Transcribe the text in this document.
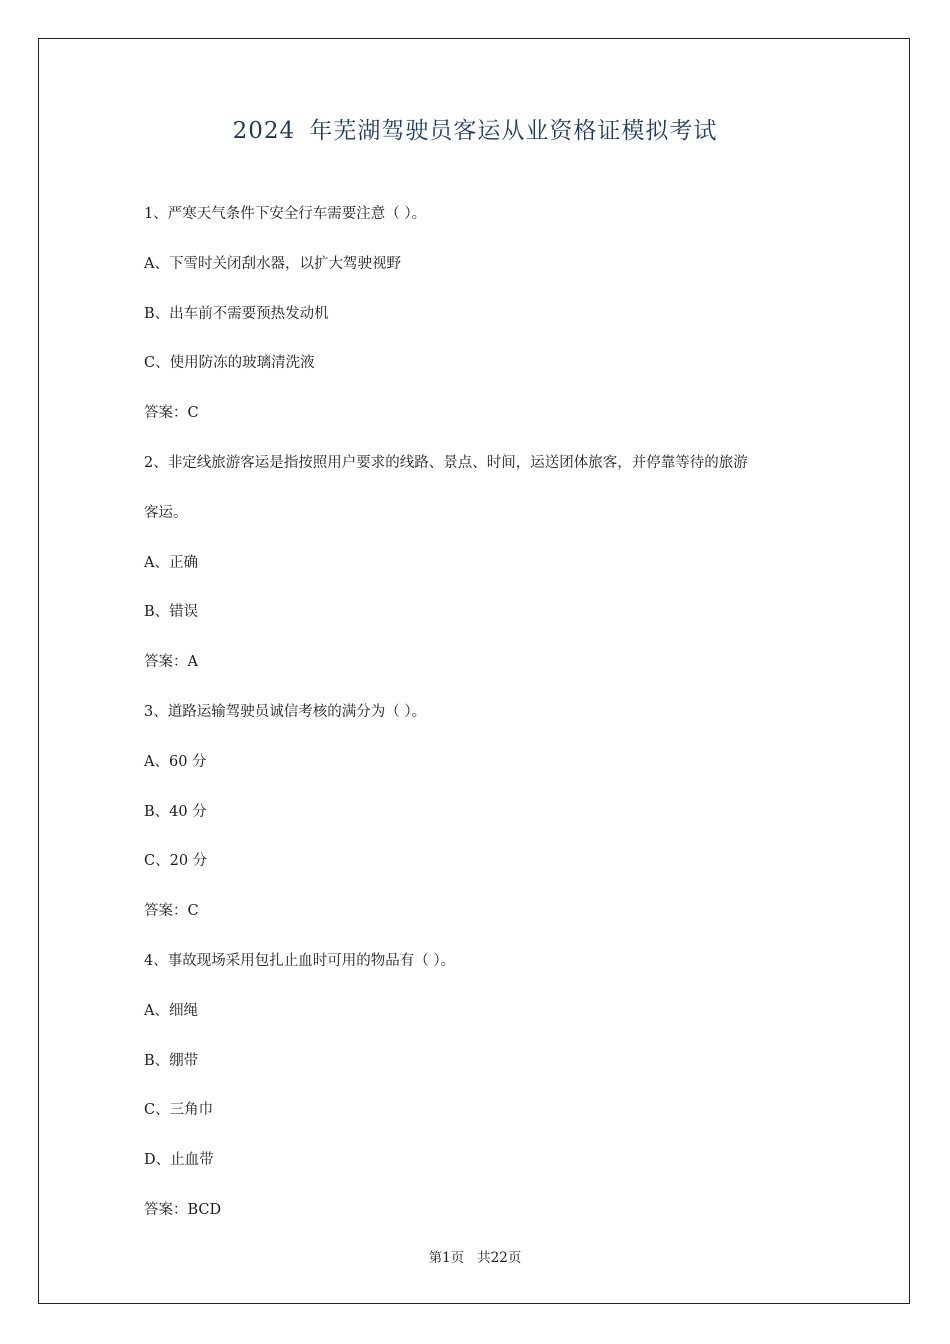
2024 年芜湖驾驶员客运从业资格证模拟考试
1、严寒天气条件下安全行车需要注意（ ）。
A、下雪时关闭刮水器，以扩大驾驶视野
B、出车前不需要预热发动机
C、使用防冻的玻璃清洗液
答案：C
2、非定线旅游客运是指按照用户要求的线路、景点、时间，运送团体旅客，并停靠等待的旅游
客运。
A、正确
B、错误
答案：A
3、道路运输驾驶员诚信考核的满分为（ ）。
A、60 分
B、40 分
C、20 分
答案：C
4、事故现场采用包扎止血时可用的物品有（ ）。
A、细绳
B、绷带
C、三角巾
D、止血带
答案：BCD
第1页   共22页
